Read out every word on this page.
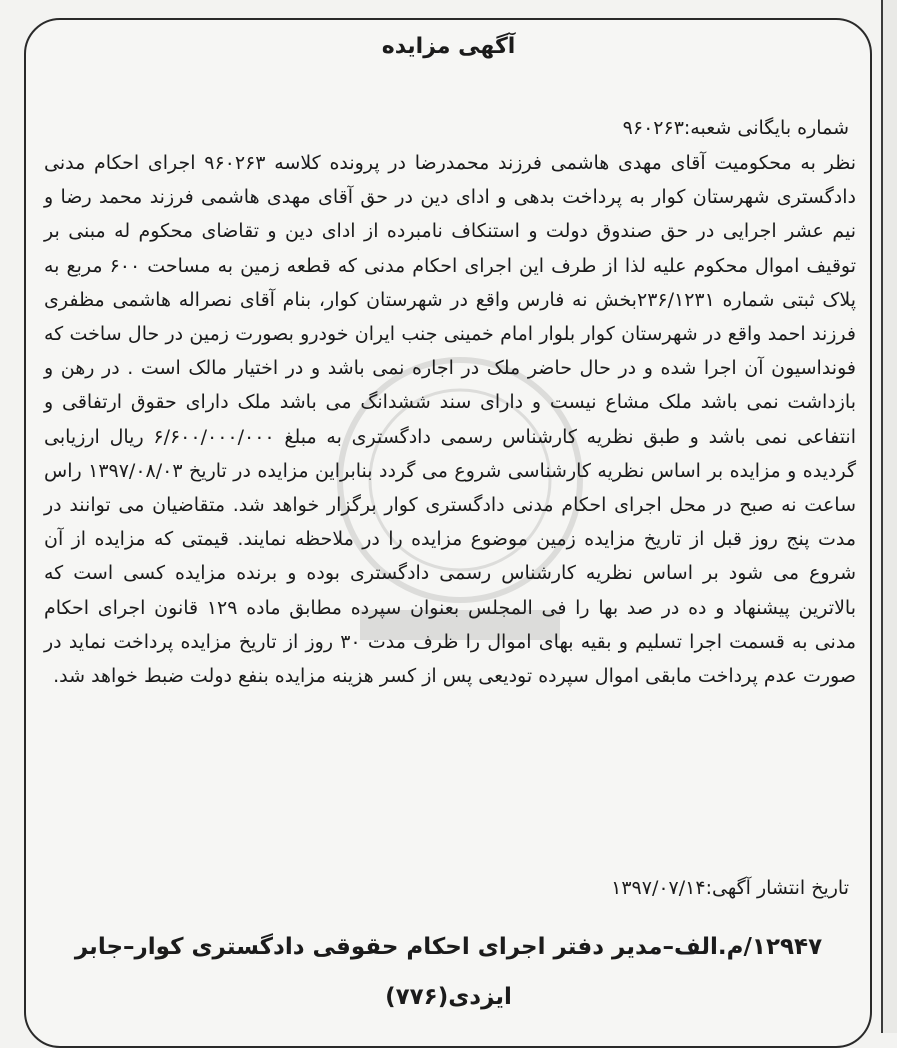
آگهی مزایده
شماره بایگانی شعبه:۹۶۰۲۶۳
نظر به محکومیت آقای مهدی هاشمی فرزند محمدرضا در پرونده کلاسه ۹۶۰۲۶۳ اجرای احکام مدنی دادگستری شهرستان کوار به پرداخت بدهی و ادای دین در حق آقای مهدی هاشمی فرزند محمد رضا و نیم عشر اجرایی در حق صندوق دولت و استنکاف نامبرده از ادای دین و تقاضای محکوم له مبنی بر توقیف اموال محکوم علیه لذا از طرف این اجرای احکام مدنی که قطعه زمین به مساحت ۶۰۰ مربع به پلاک ثبتی شماره ۲۳۶/۱۲۳۱بخش نه فارس واقع در شهرستان کوار، بنام آقای نصراله هاشمی مظفری فرزند احمد واقع در شهرستان کوار بلوار امام خمینی جنب ایران خودرو بصورت زمین در حال ساخت که فونداسیون آن اجرا شده و در حال حاضر ملک در اجاره نمی باشد و در اختیار مالک است . در رهن و بازداشت نمی باشد ملک مشاع نیست و دارای سند ششدانگ می باشد ملک دارای حقوق ارتفاقی و انتفاعی نمی باشد و طبق نظریه کارشناس رسمی دادگستری به مبلغ ۶/۶۰۰/۰۰۰/۰۰۰ ریال ارزیابی گردیده و مزایده بر اساس نظریه کارشناسی شروع می گردد بنابراین مزایده در تاریخ ۱۳۹۷/۰۸/۰۳ راس ساعت نه صبح در محل اجرای احکام مدنی دادگستری کوار برگزار خواهد شد. متقاضیان می توانند در مدت پنج روز قبل از تاریخ مزایده زمین موضوع مزایده را در ملاحظه نمایند. قیمتی که مزایده از آن شروع می شود بر اساس نظریه کارشناس رسمی دادگستری بوده و برنده مزایده کسی است که بالاترین پیشنهاد و ده در صد بها را فی المجلس بعنوان سپرده مطابق ماده ۱۲۹ قانون اجرای احکام مدنی به قسمت اجرا تسلیم و بقیه بهای اموال را ظرف مدت ۳۰ روز از تاریخ مزایده پرداخت نماید در صورت عدم پرداخت مابقی اموال سپرده تودیعی پس از کسر هزینه مزایده بنفع دولت ضبط خواهد شد.
تاریخ انتشار آگهی:۱۳۹۷/۰۷/۱۴
۱۲۹۴۷/م.الف–مدیر دفتر اجرای احکام حقوقی دادگستری کوار–جابر
ایزدی(۷۷۶)
